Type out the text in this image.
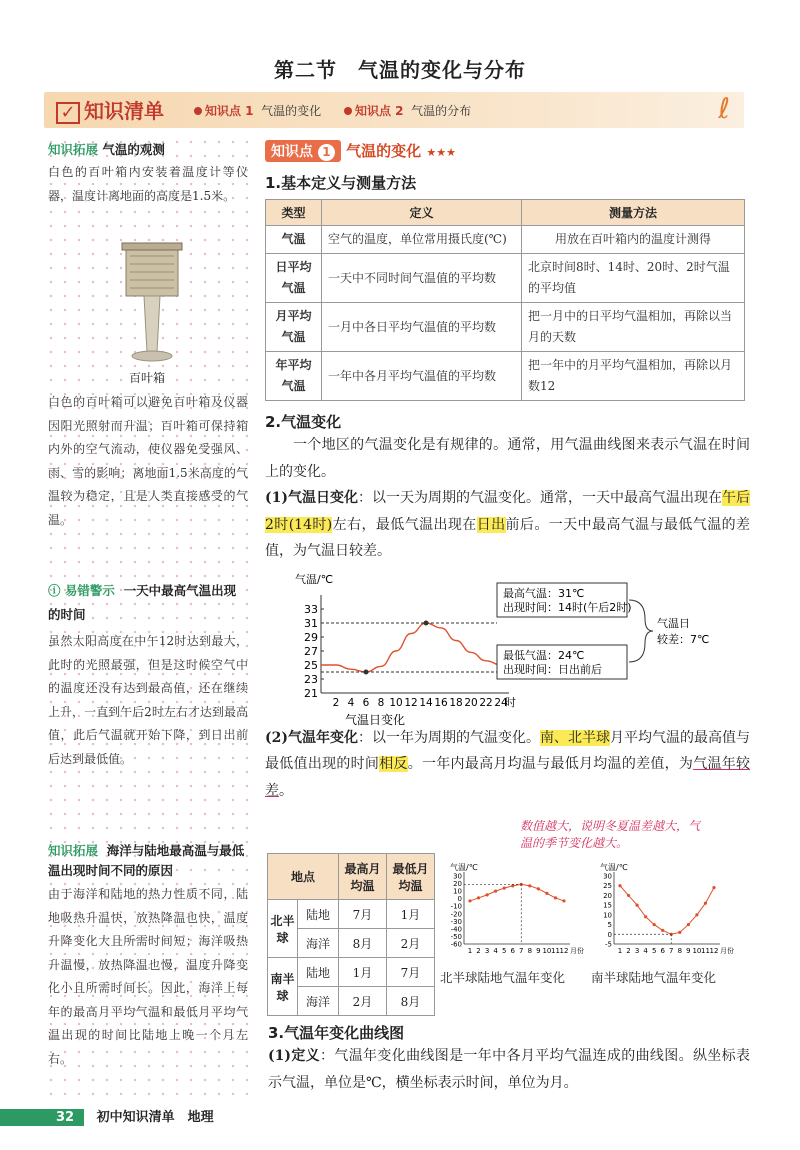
第二节　气温的变化与分布
✓ 知识清单	知识点 1 气温的变化	知识点 2 气温的分布	ℓ
知识拓展 气温的观测
白色的百叶箱内安装着温度计等仪器，温度计离地面的高度是1.5米。
百叶箱
白色的百叶箱可以避免百叶箱及仪器因阳光照射而升温；百叶箱可保持箱内外的空气流动，使仪器免受强风、雨、雪的影响；离地面1.5米高度的气温较为稳定，且是人类直接感受的气温。
ⓘ 易错警示 一天中最高气温出现的时间
虽然太阳高度在中午12时达到最大，此时的光照最强，但是这时候空气中的温度还没有达到最高值，还在继续上升，一直到午后2时左右才达到最高值，此后气温就开始下降，到日出前后达到最低值。
知识拓展 海洋与陆地最高温与最低温出现时间不同的原因
由于海洋和陆地的热力性质不同，陆地吸热升温快，放热降温也快，温度升降变化大且所需时间短；海洋吸热升温慢，放热降温也慢，温度升降变化小且所需时间长。因此，海洋上每年的最高月平均气温和最低月平均气温出现的时间比陆地上晚一个月左右。
知识点 1 气温的变化 ★★★
1.基本定义与测量方法
类型	定义	测量方法
气温	空气的温度，单位常用摄氏度(℃)	用放在百叶箱内的温度计测得
日平均气温	一天中不同时间气温值的平均数	北京时间8时、14时、20时、2时气温的平均值
月平均气温	一月中各日平均气温值的平均数	把一月中的日平均气温相加，再除以当月的天数
年平均气温	一年中各月平均气温值的平均数	把一年中的月平均气温相加，再除以月数12
2.气温变化
一个地区的气温变化是有规律的。通常，用气温曲线图来表示气温在时间上的变化。
(1)气温日变化：以一天为周期的气温变化。通常，一天中最高气温出现在午后2时(14时)左右，最低气温出现在日出前后。一天中最高气温与最低气温的差值，为气温日较差。
气温/℃
21
23
25
27
29
31
33
2 4 6 8 10 12 14 16 18 20 22 24
时
气温日变化
最高气温：31℃
出现时间：14时(午后2时)
最低气温：24℃
出现时间：日出前后
气温日
较差：7℃
(2)气温年变化：以一年为周期的气温变化。南、北半球月平均气温的最高值与最低值出现的时间相反。一年内最高月均温与最低月均温的差值，为气温年较差。
数值越大，说明冬夏温差越大，气温的季节变化越大。
地点		最高月均温	最低月均温
北半球	陆地	7月	1月
	海洋	8月	2月
南半球	陆地	1月	7月
	海洋	2月	8月
气温/℃
-60
-50
-40
-30
-20
-10
0
10
20
30
1 2 3 4 5 6 7 8 9 10 11 12 月份
气温/℃
-5
0
5
10
15
20
25
30
1 2 3 4 5 6 7 8 9 10 11 12 月份
北半球陆地气温年变化 南半球陆地气温年变化
3.气温年变化曲线图
(1)定义：气温年变化曲线图是一年中各月平均气温连成的曲线图。纵坐标表示气温，单位是℃，横坐标表示时间，单位为月。
32 初中知识清单　地理
